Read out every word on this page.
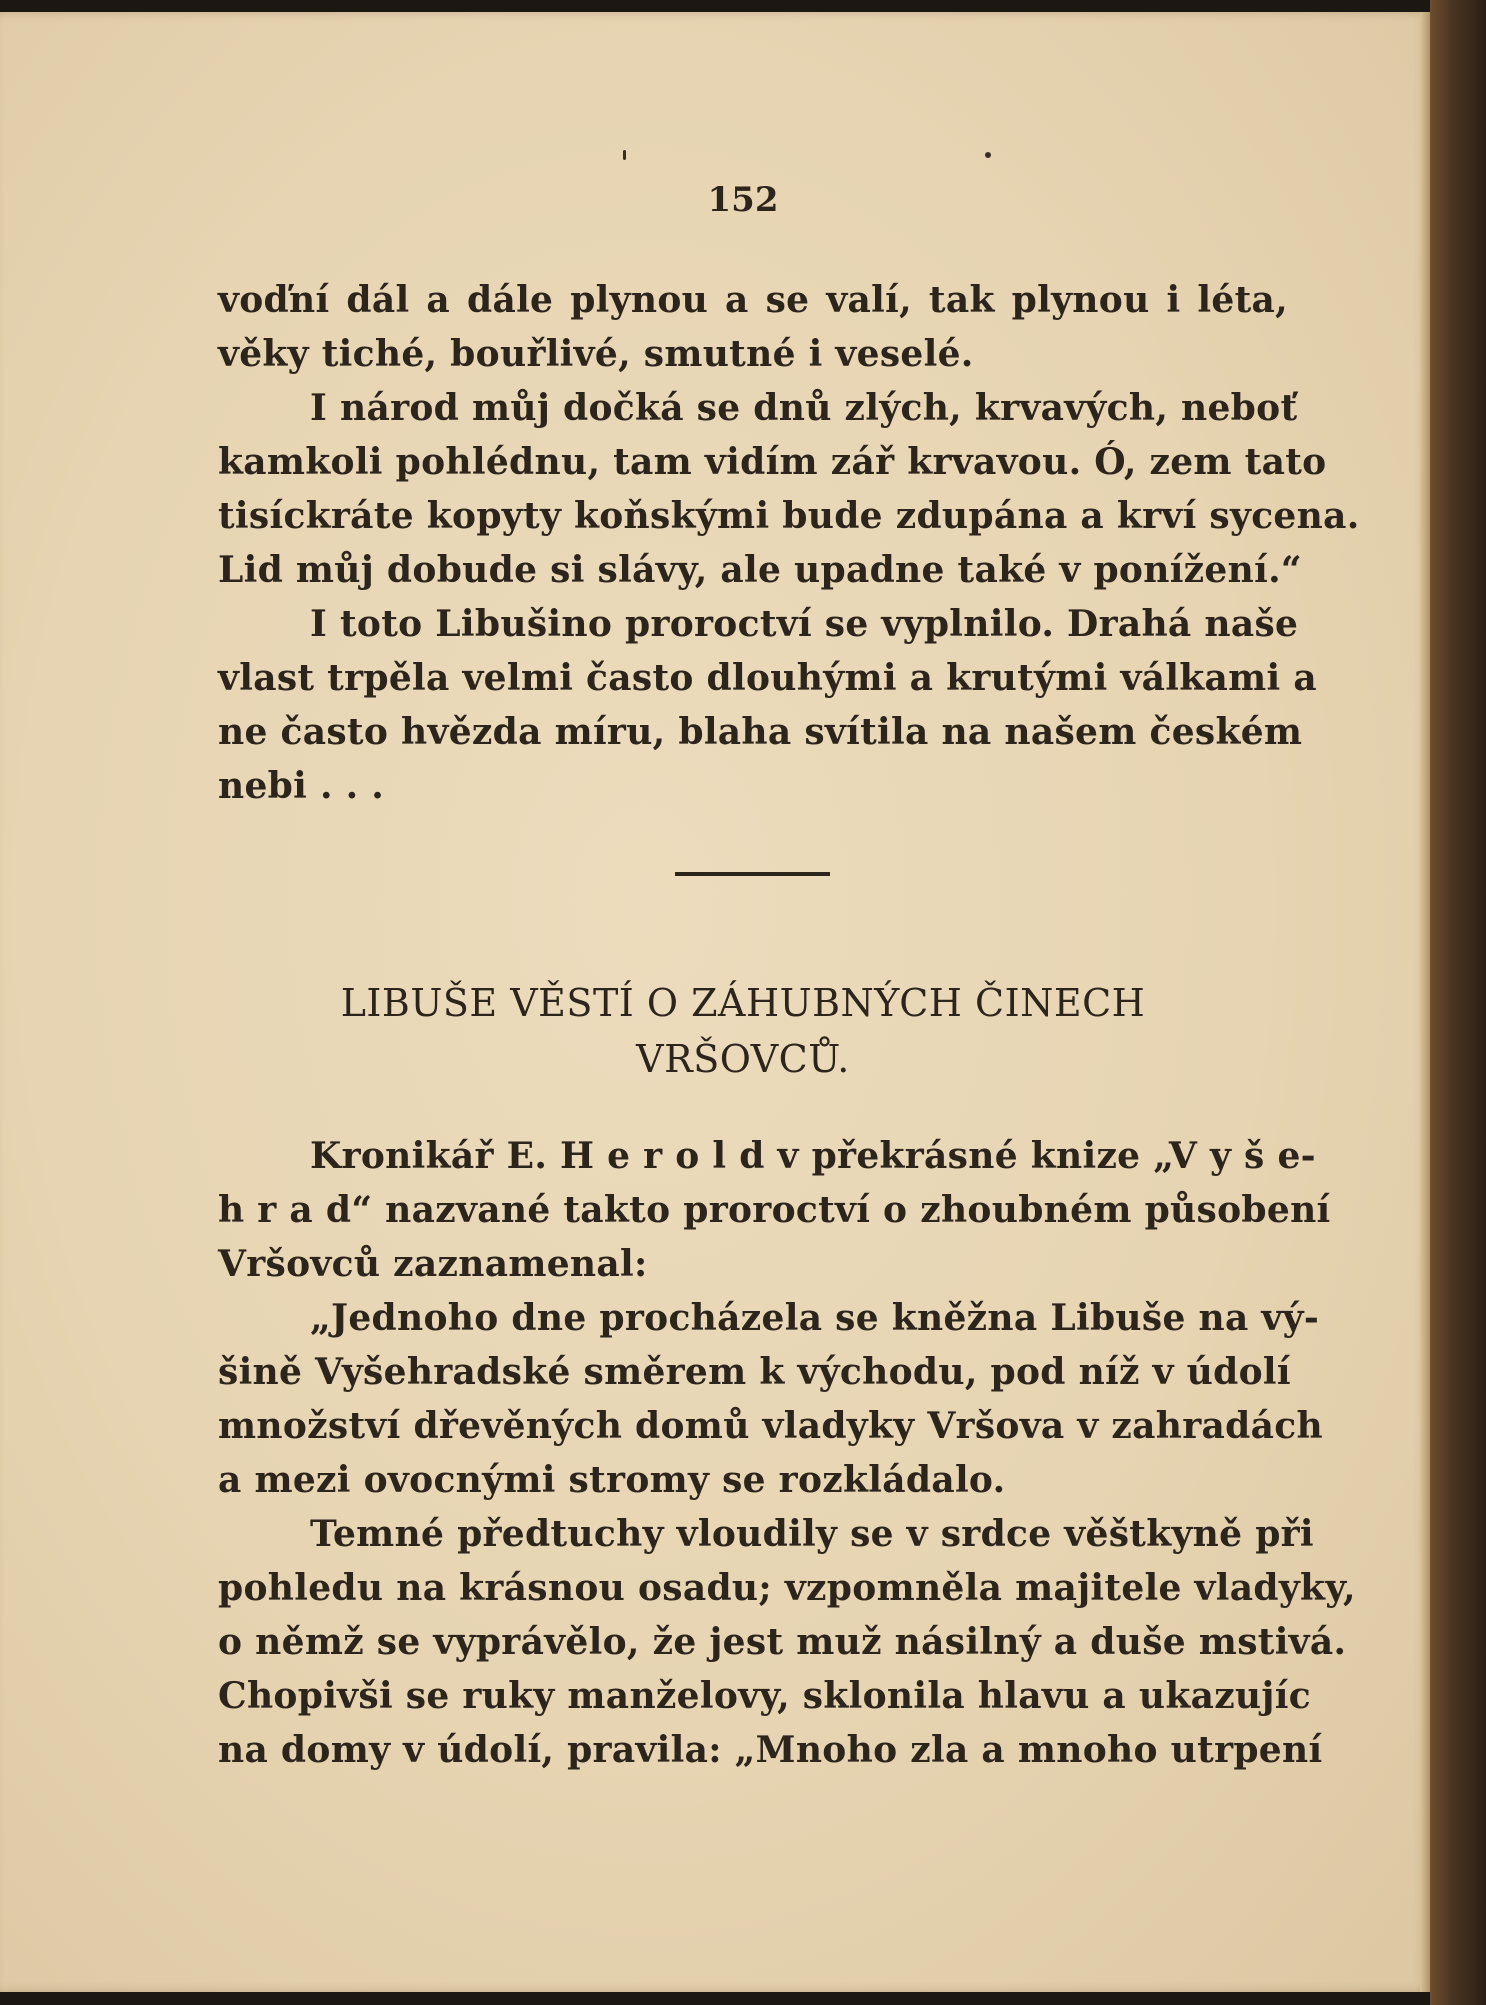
152
voďní dál a dále plynou a se valí, tak plynou i léta,
věky tiché, bouřlivé, smutné i veselé.
I národ můj dočká se dnů zlých, krvavých, neboť
kamkoli pohlédnu, tam vidím zář krvavou. Ó, zem tato
tisíckráte kopyty koňskými bude zdupána a krví sycena.
Lid můj dobude si slávy, ale upadne také v ponížení.“
I toto Libušino proroctví se vyplnilo. Drahá naše
vlast trpěla velmi často dlouhými a krutými válkami a
ne často hvězda míru, blaha svítila na našem českém
nebi . . .
LIBUŠE VĚSTÍ O ZÁHUBNÝCH ČINECH
VRŠOVCŮ.
Kronikář E. H e r o l d v překrásné knize „V y š e-
h r a d“ nazvané takto proroctví o zhoubném působení
Vršovců zaznamenal:
„Jednoho dne procházela se kněžna Libuše na vý-
šině Vyšehradské směrem k východu, pod níž v údolí
množství dřevěných domů vladyky Vršova v zahradách
a mezi ovocnými stromy se rozkládalo.
Temné předtuchy vloudily se v srdce věštkyně při
pohledu na krásnou osadu; vzpomněla majitele vladyky,
o němž se vyprávělo, že jest muž násilný a duše mstivá.
Chopivši se ruky manželovy, sklonila hlavu a ukazujíc
na domy v údolí, pravila: „Mnoho zla a mnoho utrpení
